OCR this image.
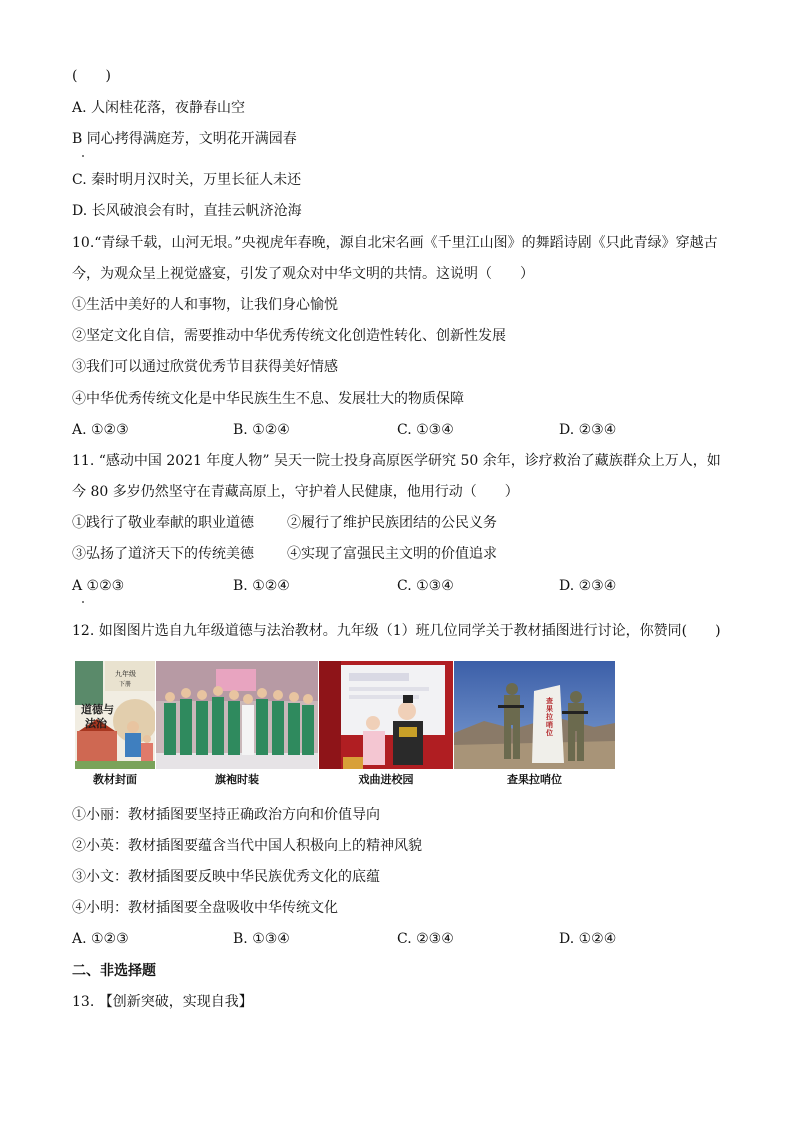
(　　)
A. 人闲桂花落，夜静春山空
B 同心拷得满庭芳，文明花开满园春
C. 秦时明月汉时关，万里长征人未还
D. 长风破浪会有时，直挂云帆济沧海
10.“青绿千载，山河无垠。”央视虎年春晚，源自北宋名画《千里江山图》的舞蹈诗剧《只此青绿》穿越古
今，为观众呈上视觉盛宴，引发了观众对中华文明的共情。这说明（　　）
①生活中美好的人和事物，让我们身心愉悦
②坚定文化自信，需要推动中华优秀传统文化创造性转化、创新性发展
③我们可以通过欣赏优秀节目获得美好情感
④中华优秀传统文化是中华民族生生不息、发展壮大的物质保障
A. ①②③	B. ①②④	C. ①③④	D. ②③④
11. “感动中国 2021 年度人物” 吴天一院士投身高原医学研究 50 余年，诊疗救治了藏族群众上万人，如
今 80 多岁仍然坚守在青藏高原上，守护着人民健康，他用行动（　　）
①践行了敬业奉献的职业道德 ②履行了维护民族团结的公民义务
③弘扬了道济天下的传统美德 ④实现了富强民主文明的价值追求
A ①②③	B. ①②④	C. ①③④	D. ②③④
12. 如图图片选自九年级道德与法治教材。九年级（1）班几位同学关于教材插图进行讨论，你赞同(　　)
九年级
下册
道德与
法治
查果拉哨位
教材封面	旗袍时装	戏曲进校园	查果拉哨位
①小丽：教材插图要坚持正确政治方向和价值导向
②小英：教材插图要蕴含当代中国人积极向上的精神风貌
③小文：教材插图要反映中华民族优秀文化的底蕴
④小明：教材插图要全盘吸收中华传统文化
A. ①②③	B. ①③④	C. ②③④	D. ①②④
二、非选择题
13. 【创新突破，实现自我】
